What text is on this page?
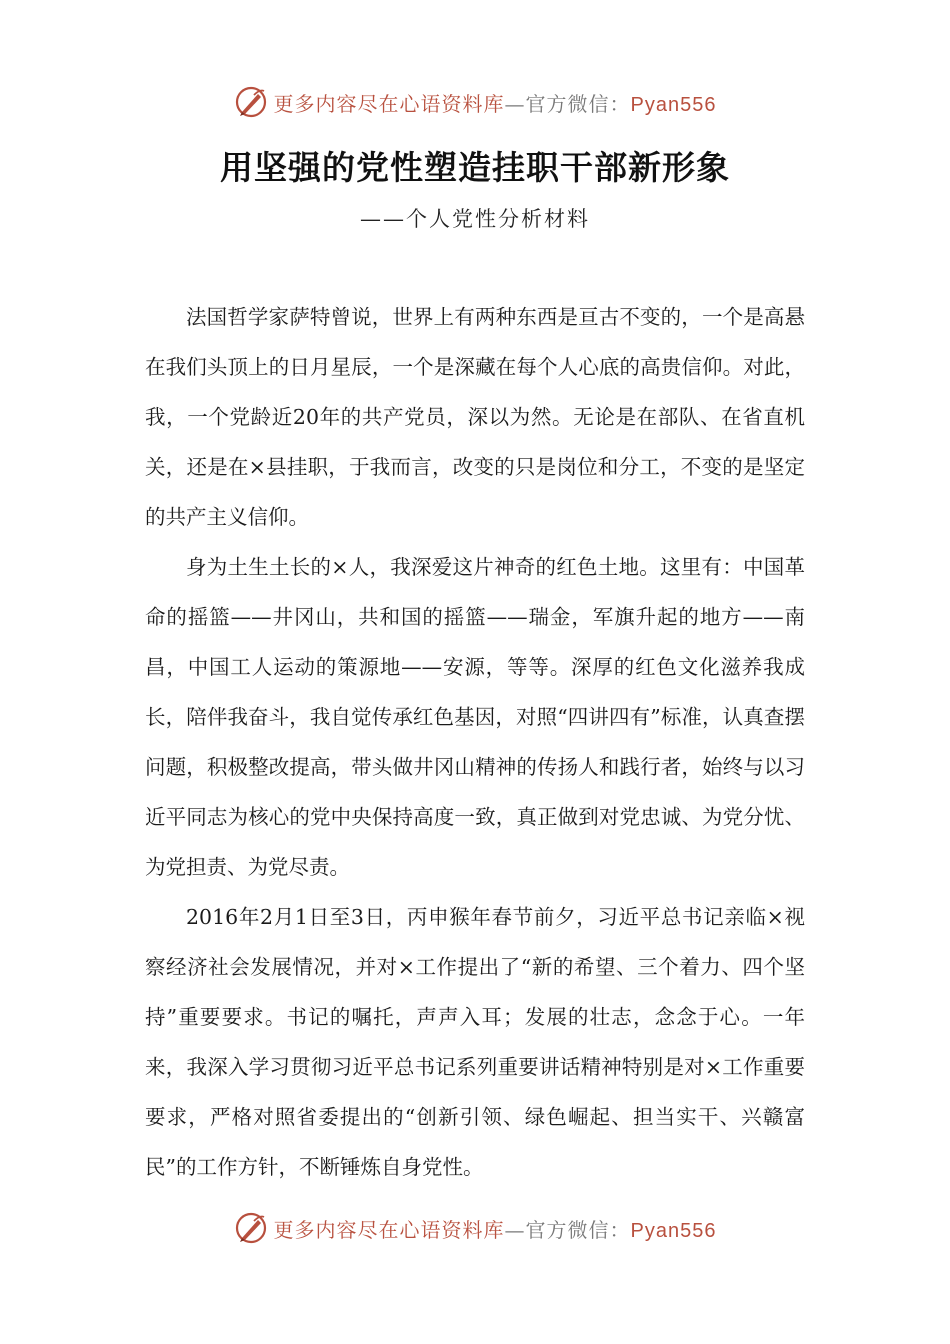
更多内容尽在心语资料库—官方微信：Pyan556
用坚强的党性塑造挂职干部新形象
——个人党性分析材料

法国哲学家萨特曾说，世界上有两种东西是亘古不变的，一个是高悬在我们头顶上的日月星辰，一个是深藏在每个人心底的高贵信仰。对此，我，一个党龄近20年的共产党员，深以为然。无论是在部队、在省直机关，还是在×县挂职，于我而言，改变的只是岗位和分工，不变的是坚定的共产主义信仰。

身为土生土长的×人，我深爱这片神奇的红色土地。这里有：中国革命的摇篮——井冈山，共和国的摇篮——瑞金，军旗升起的地方——南昌，中国工人运动的策源地——安源，等等。深厚的红色文化滋养我成长，陪伴我奋斗，我自觉传承红色基因，对照“四讲四有”标准，认真查摆问题，积极整改提高，带头做井冈山精神的传扬人和践行者，始终与以习近平同志为核心的党中央保持高度一致，真正做到对党忠诚、为党分忧、为党担责、为党尽责。

2016年2月1日至3日，丙申猴年春节前夕，习近平总书记亲临×视察经济社会发展情况，并对×工作提出了“新的希望、三个着力、四个坚持”重要要求。书记的嘱托，声声入耳；发展的壮志，念念于心。一年来，我深入学习贯彻习近平总书记系列重要讲话精神特别是对×工作重要要求，严格对照省委提出的“创新引领、绿色崛起、担当实干、兴赣富民”的工作方针，不断锤炼自身党性。

更多内容尽在心语资料库—官方微信：Pyan556
